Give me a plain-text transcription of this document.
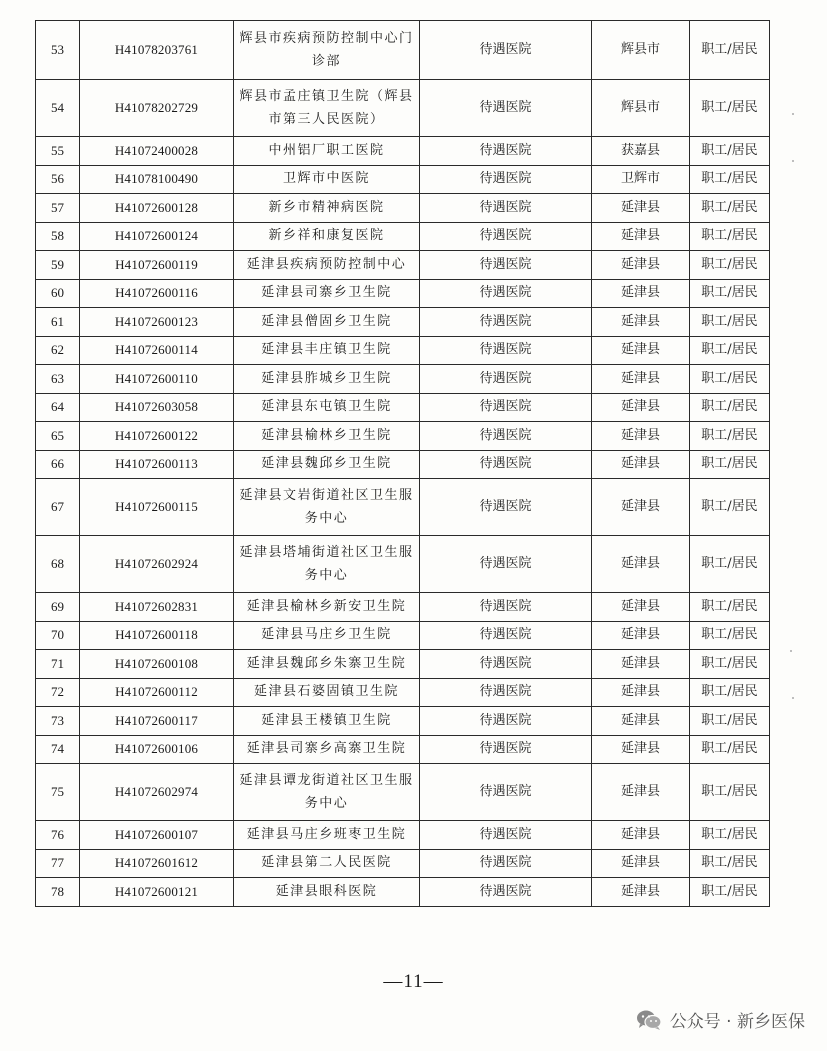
53	H41078203761	辉县市疾病预防控制中心门诊部	待遇医院	辉县市	职工/居民
54	H41078202729	辉县市孟庄镇卫生院（辉县市第三人民医院）	待遇医院	辉县市	职工/居民
55	H41072400028	中州铝厂职工医院	待遇医院	获嘉县	职工/居民
56	H41078100490	卫辉市中医院	待遇医院	卫辉市	职工/居民
57	H41072600128	新乡市精神病医院	待遇医院	延津县	职工/居民
58	H41072600124	新乡祥和康复医院	待遇医院	延津县	职工/居民
59	H41072600119	延津县疾病预防控制中心	待遇医院	延津县	职工/居民
60	H41072600116	延津县司寨乡卫生院	待遇医院	延津县	职工/居民
61	H41072600123	延津县僧固乡卫生院	待遇医院	延津县	职工/居民
62	H41072600114	延津县丰庄镇卫生院	待遇医院	延津县	职工/居民
63	H41072600110	延津县胙城乡卫生院	待遇医院	延津县	职工/居民
64	H41072603058	延津县东屯镇卫生院	待遇医院	延津县	职工/居民
65	H41072600122	延津县榆林乡卫生院	待遇医院	延津县	职工/居民
66	H41072600113	延津县魏邱乡卫生院	待遇医院	延津县	职工/居民
67	H41072600115	延津县文岩街道社区卫生服务中心	待遇医院	延津县	职工/居民
68	H41072602924	延津县塔埔街道社区卫生服务中心	待遇医院	延津县	职工/居民
69	H41072602831	延津县榆林乡新安卫生院	待遇医院	延津县	职工/居民
70	H41072600118	延津县马庄乡卫生院	待遇医院	延津县	职工/居民
71	H41072600108	延津县魏邱乡朱寨卫生院	待遇医院	延津县	职工/居民
72	H41072600112	延津县石婆固镇卫生院	待遇医院	延津县	职工/居民
73	H41072600117	延津县王楼镇卫生院	待遇医院	延津县	职工/居民
74	H41072600106	延津县司寨乡高寨卫生院	待遇医院	延津县	职工/居民
75	H41072602974	延津县谭龙街道社区卫生服务中心	待遇医院	延津县	职工/居民
76	H41072600107	延津县马庄乡班枣卫生院	待遇医院	延津县	职工/居民
77	H41072601612	延津县第二人民医院	待遇医院	延津县	职工/居民
78	H41072600121	延津县眼科医院	待遇医院	延津县	职工/居民
—11—
公众号 · 新乡医保
